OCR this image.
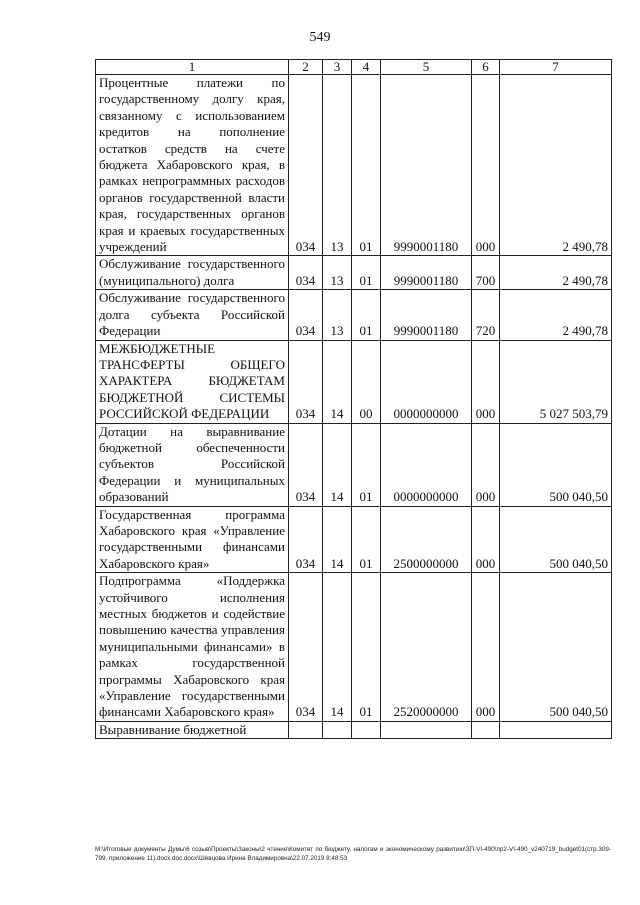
549
1	2	3	4	5	6	7
Процентные платежи по государственному долгу края, связанному с использованием кредитов на пополнение остатков средств на счете бюджета Хабаровского края, в рамках непрограммных расходов органов государственной власти края, государственных органов края и краевых государственных учреждений	034	13	01	9990001180	000	2 490,78
Обслуживание государственного (муниципального) долга	034	13	01	9990001180	700	2 490,78
Обслуживание государственного долга субъекта Российской Федерации	034	13	01	9990001180	720	2 490,78
МЕЖБЮДЖЕТНЫЕ ТРАНСФЕРТЫ ОБЩЕГО ХАРАКТЕРА БЮДЖЕТАМ БЮДЖЕТНОЙ СИСТЕМЫ РОССИЙСКОЙ ФЕДЕРАЦИИ	034	14	00	0000000000	000	5 027 503,79
Дотации на выравнивание бюджетной обеспеченности субъектов Российской Федерации и муниципальных образований	034	14	01	0000000000	000	500 040,50
Государственная программа Хабаровского края «Управление государственными финансами Хабаровского края»	034	14	01	2500000000	000	500 040,50
Подпрограмма «Поддержка устойчивого исполнения местных бюджетов и содействие повышению качества управления муниципальными финансами» в рамках государственной программы Хабаровского края «Управление государственными финансами Хабаровского края»	034	14	01	2520000000	000	500 040,50
Выравнивание бюджетной						
M:\Итоговые документы Думы\6 созыв\Проекты\Законы\2 чтение\Комитет по бюджету, налогам и экономическому развитию\ЗП-VI-490\пр2-VI-490_v240719_budget01(стр.309-799, приложение 11).docx.doc.docx\Шевцова Ирина Владимировна\22.07.2019 8:48:53
